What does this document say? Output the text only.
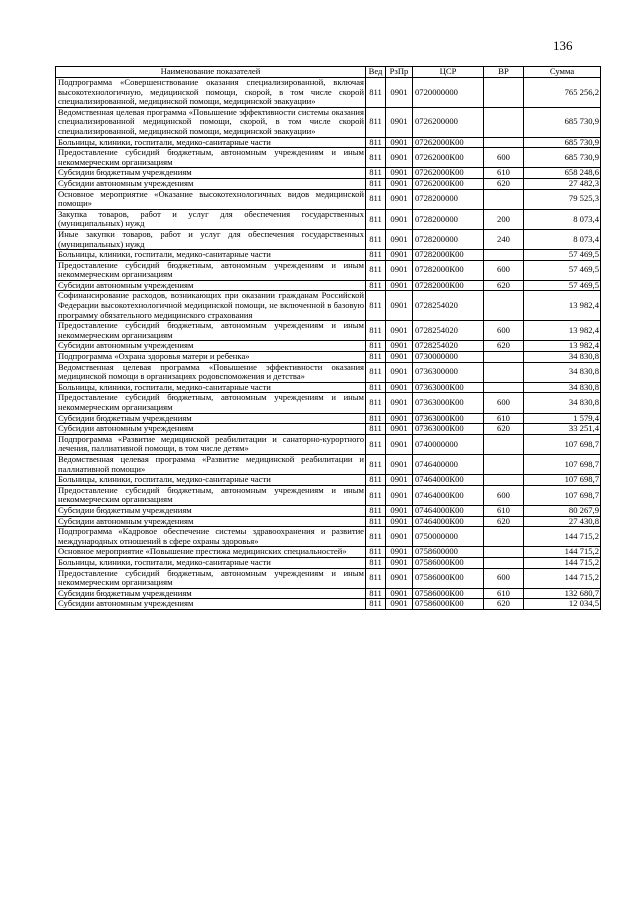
136
Наименование показателей	Вед	РзПр	ЦСР	ВР	Сумма
Подпрограмма «Совершенствование оказания специализированной, включая высокотехнологичную, медицинской помощи, скорой, в том числе скорой специализированной, медицинской помощи, медицинской эвакуации»	811	0901	0720000000		765 256,2
Ведомственная целевая программа «Повышение эффективности системы оказания специализированной медицинской помощи, скорой, в том числе скорой специализированной, медицинской помощи, медицинской эвакуации»	811	0901	0726200000		685 730,9
Больницы, клиники, госпитали, медико-санитарные части	811	0901	07262000К00		685 730,9
Предоставление субсидий бюджетным, автономным учреждениям и иным некоммерческим организациям	811	0901	07262000К00	600	685 730,9
Субсидии бюджетным учреждениям	811	0901	07262000К00	610	658 248,6
Субсидии автономным учреждениям	811	0901	07262000К00	620	27 482,3
Основное мероприятие «Оказание высокотехнологичных видов медицинской помощи»	811	0901	0728200000		79 525,3
Закупка товаров, работ и услуг для обеспечения государственных (муниципальных) нужд	811	0901	0728200000	200	8 073,4
Иные закупки товаров, работ и услуг для обеспечения государственных (муниципальных) нужд	811	0901	0728200000	240	8 073,4
Больницы, клиники, госпитали, медико-санитарные части	811	0901	07282000К00		57 469,5
Предоставление субсидий бюджетным, автономным учреждениям и иным некоммерческим организациям	811	0901	07282000К00	600	57 469,5
Субсидии автономным учреждениям	811	0901	07282000К00	620	57 469,5
Софинансирование расходов, возникающих при оказании гражданам Российской Федерации высокотехнологичной медицинской помощи, не включенной в базовую программу обязательного медицинского страхования	811	0901	0728254020		13 982,4
Предоставление субсидий бюджетным, автономным учреждениям и иным некоммерческим организациям	811	0901	0728254020	600	13 982,4
Субсидии автономным учреждениям	811	0901	0728254020	620	13 982,4
Подпрограмма «Охрана здоровья матери и ребенка»	811	0901	0730000000		34 830,8
Ведомственная целевая программа «Повышение эффективности оказания медицинской помощи в организациях родовспоможения и детства»	811	0901	0736300000		34 830,8
Больницы, клиники, госпитали, медико-санитарные части	811	0901	07363000К00		34 830,8
Предоставление субсидий бюджетным, автономным учреждениям и иным некоммерческим организациям	811	0901	07363000К00	600	34 830,8
Субсидии бюджетным учреждениям	811	0901	07363000К00	610	1 579,4
Субсидии автономным учреждениям	811	0901	07363000К00	620	33 251,4
Подпрограмма «Развитие медицинской реабилитации и санаторно-курортного лечения, паллиативной помощи, в том числе детям»	811	0901	0740000000		107 698,7
Ведомственная целевая программа «Развитие медицинской реабилитации и паллиативной помощи»	811	0901	0746400000		107 698,7
Больницы, клиники, госпитали, медико-санитарные части	811	0901	07464000К00		107 698,7
Предоставление субсидий бюджетным, автономным учреждениям и иным некоммерческим организациям	811	0901	07464000К00	600	107 698,7
Субсидии бюджетным учреждениям	811	0901	07464000К00	610	80 267,9
Субсидии автономным учреждениям	811	0901	07464000К00	620	27 430,8
Подпрограмма «Кадровое обеспечение системы здравоохранения и развитие международных отношений в сфере охраны здоровья»	811	0901	0750000000		144 715,2
Основное мероприятие «Повышение престижа медицинских специальностей»	811	0901	0758600000		144 715,2
Больницы, клиники, госпитали, медико-санитарные части	811	0901	07586000К00		144 715,2
Предоставление субсидий бюджетным, автономным учреждениям и иным некоммерческим организациям	811	0901	07586000К00	600	144 715,2
Субсидии бюджетным учреждениям	811	0901	07586000К00	610	132 680,7
Субсидии автономным учреждениям	811	0901	07586000К00	620	12 034,5
